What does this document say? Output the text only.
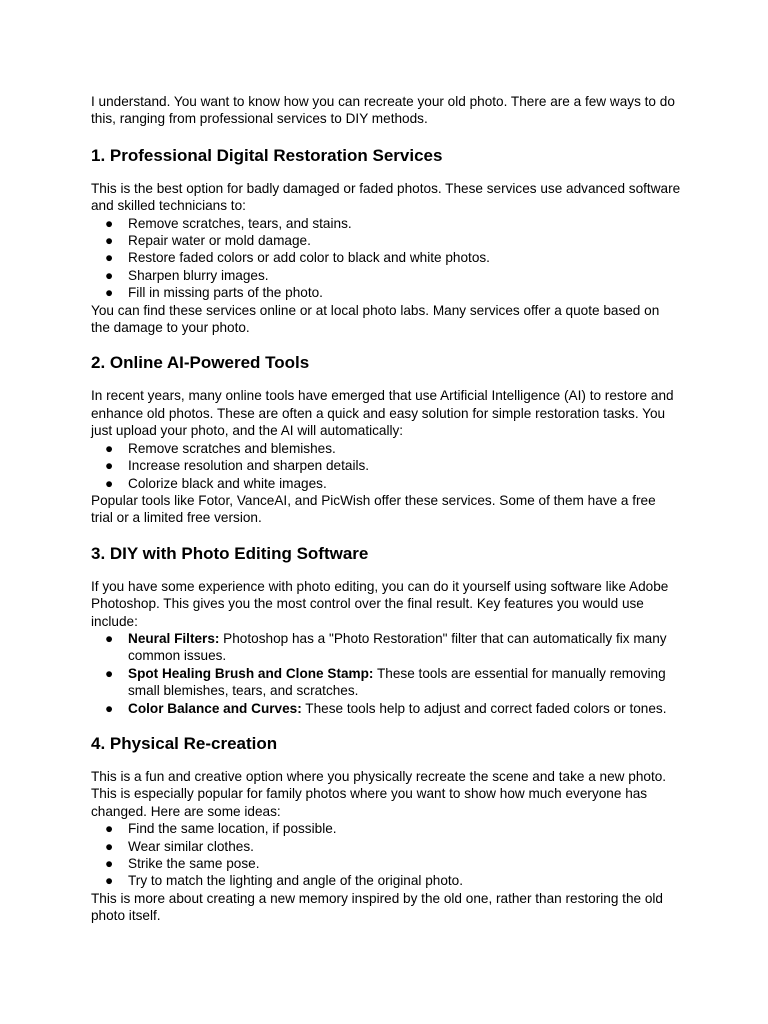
I understand. You want to know how you can recreate your old photo. There are a few ways to do this, ranging from professional services to DIY methods.

1. Professional Digital Restoration Services

This is the best option for badly damaged or faded photos. These services use advanced software and skilled technicians to:

● Remove scratches, tears, and stains.
● Repair water or mold damage.
● Restore faded colors or add color to black and white photos.
● Sharpen blurry images.
● Fill in missing parts of the photo.

You can find these services online or at local photo labs. Many services offer a quote based on the damage to your photo.

2. Online AI-Powered Tools

In recent years, many online tools have emerged that use Artificial Intelligence (AI) to restore and enhance old photos. These are often a quick and easy solution for simple restoration tasks. You just upload your photo, and the AI will automatically:

● Remove scratches and blemishes.
● Increase resolution and sharpen details.
● Colorize black and white images.

Popular tools like Fotor, VanceAI, and PicWish offer these services. Some of them have a free trial or a limited free version.

3. DIY with Photo Editing Software

If you have some experience with photo editing, you can do it yourself using software like Adobe Photoshop. This gives you the most control over the final result. Key features you would use include:

● Neural Filters: Photoshop has a "Photo Restoration" filter that can automatically fix many common issues.
● Spot Healing Brush and Clone Stamp: These tools are essential for manually removing small blemishes, tears, and scratches.
● Color Balance and Curves: These tools help to adjust and correct faded colors or tones.
4. Physical Re-creation

This is a fun and creative option where you physically recreate the scene and take a new photo. This is especially popular for family photos where you want to show how much everyone has changed. Here are some ideas:

● Find the same location, if possible.
● Wear similar clothes.
● Strike the same pose.
● Try to match the lighting and angle of the original photo.

This is more about creating a new memory inspired by the old one, rather than restoring the old photo itself.
